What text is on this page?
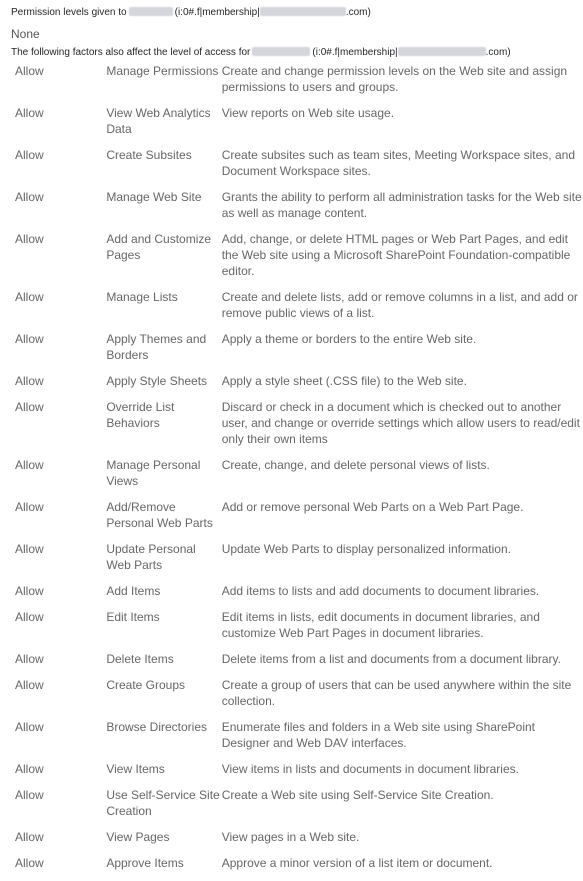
Permission levels given to	(i:0#.f|membership|	.com)
None
The following factors also affect the level of access for	(i:0#.f|membership|	.com)
Allow	Manage Permissions	Create and change permission levels on the Web site and assign permissions to users and groups.
Allow	View Web Analytics Data	View reports on Web site usage.
Allow	Create Subsites	Create subsites such as team sites, Meeting Workspace sites, and Document Workspace sites.
Allow	Manage Web Site	Grants the ability to perform all administration tasks for the Web site as well as manage content.
Allow	Add and Customize Pages	Add, change, or delete HTML pages or Web Part Pages, and edit the Web site using a Microsoft SharePoint Foundation-compatible editor.
Allow	Manage Lists	Create and delete lists, add or remove columns in a list, and add or remove public views of a list.
Allow	Apply Themes and Borders	Apply a theme or borders to the entire Web site.
Allow	Apply Style Sheets	Apply a style sheet (.CSS file) to the Web site.
Allow	Override List Behaviors	Discard or check in a document which is checked out to another user, and change or override settings which allow users to read/edit only their own items
Allow	Manage Personal Views	Create, change, and delete personal views of lists.
Allow	Add/Remove Personal Web Parts	Add or remove personal Web Parts on a Web Part Page.
Allow	Update Personal Web Parts	Update Web Parts to display personalized information.
Allow	Add Items	Add items to lists and add documents to document libraries.
Allow	Edit Items	Edit items in lists, edit documents in document libraries, and customize Web Part Pages in document libraries.
Allow	Delete Items	Delete items from a list and documents from a document library.
Allow	Create Groups	Create a group of users that can be used anywhere within the site collection.
Allow	Browse Directories	Enumerate files and folders in a Web site using SharePoint Designer and Web DAV interfaces.
Allow	View Items	View items in lists and documents in document libraries.
Allow	Use Self-Service Site Creation	Create a Web site using Self-Service Site Creation.
Allow	View Pages	View pages in a Web site.
Allow	Approve Items	Approve a minor version of a list item or document.
